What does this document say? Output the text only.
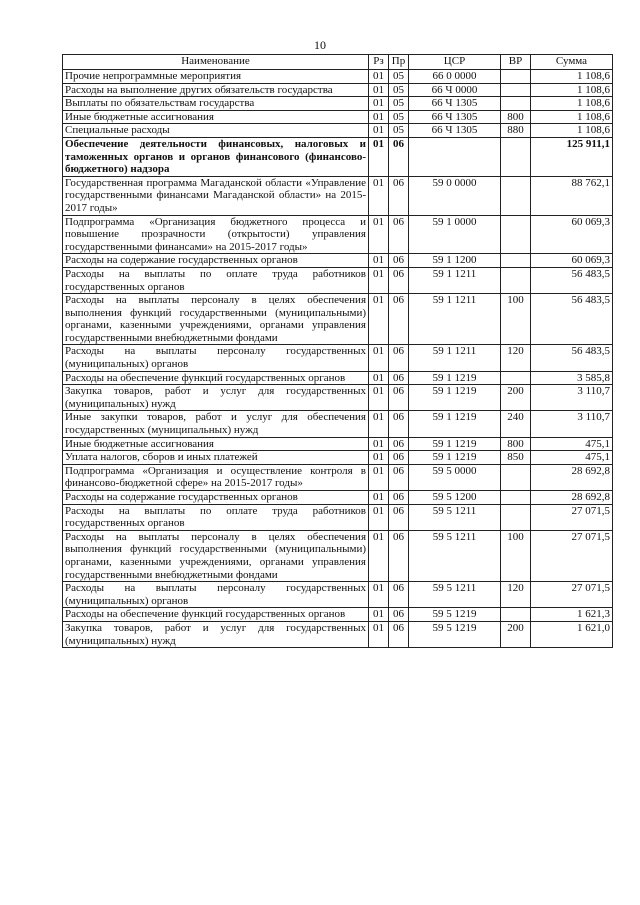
10
Наименование	Рз	Пр	ЦСР	ВР	Сумма
Прочие непрограммные мероприятия	01	05	66 0 0000		1 108,6
Расходы на выполнение других обязательств государства	01	05	66 Ч 0000		1 108,6
Выплаты по обязательствам государства	01	05	66 Ч 1305		1 108,6
Иные бюджетные ассигнования	01	05	66 Ч 1305	800	1 108,6
Специальные расходы	01	05	66 Ч 1305	880	1 108,6
Обеспечение деятельности финансовых, налоговых и таможенных органов и органов финансового (финансово-бюджетного) надзора	01	06			125 911,1
Государственная программа Магаданской области «Управление государственными финансами Магаданской области» на 2015-2017 годы»	01	06	59 0 0000		88 762,1
Подпрограмма «Организация бюджетного процесса и повышение прозрачности (открытости) управления государственными финансами» на 2015-2017 годы»	01	06	59 1 0000		60 069,3
Расходы на содержание государственных органов	01	06	59 1 1200		60 069,3
Расходы на выплаты по оплате труда работников государственных органов	01	06	59 1 1211		56 483,5
Расходы на выплаты персоналу в целях обеспечения выполнения функций государственными (муниципальными) органами, казенными учреждениями, органами управления государственными внебюджетными фондами	01	06	59 1 1211	100	56 483,5
Расходы на выплаты персоналу государственных (муниципальных) органов	01	06	59 1 1211	120	56 483,5
Расходы на обеспечение функций государственных органов	01	06	59 1 1219		3 585,8
Закупка товаров, работ и услуг для государственных (муниципальных) нужд	01	06	59 1 1219	200	3 110,7
Иные закупки товаров, работ и услуг для обеспечения государственных (муниципальных) нужд	01	06	59 1 1219	240	3 110,7
Иные бюджетные ассигнования	01	06	59 1 1219	800	475,1
Уплата налогов, сборов и иных платежей	01	06	59 1 1219	850	475,1
Подпрограмма «Организация и осуществление контроля в финансово-бюджетной сфере» на 2015-2017 годы»	01	06	59 5 0000		28 692,8
Расходы на содержание государственных органов	01	06	59 5 1200		28 692,8
Расходы на выплаты по оплате труда работников государственных органов	01	06	59 5 1211		27 071,5
Расходы на выплаты персоналу в целях обеспечения выполнения функций государственными (муниципальными) органами, казенными учреждениями, органами управления государственными внебюджетными фондами	01	06	59 5 1211	100	27 071,5
Расходы на выплаты персоналу государственных (муниципальных) органов	01	06	59 5 1211	120	27 071,5
Расходы на обеспечение функций государственных органов	01	06	59 5 1219		1 621,3
Закупка товаров, работ и услуг для государственных (муниципальных) нужд	01	06	59 5 1219	200	1 621,0
